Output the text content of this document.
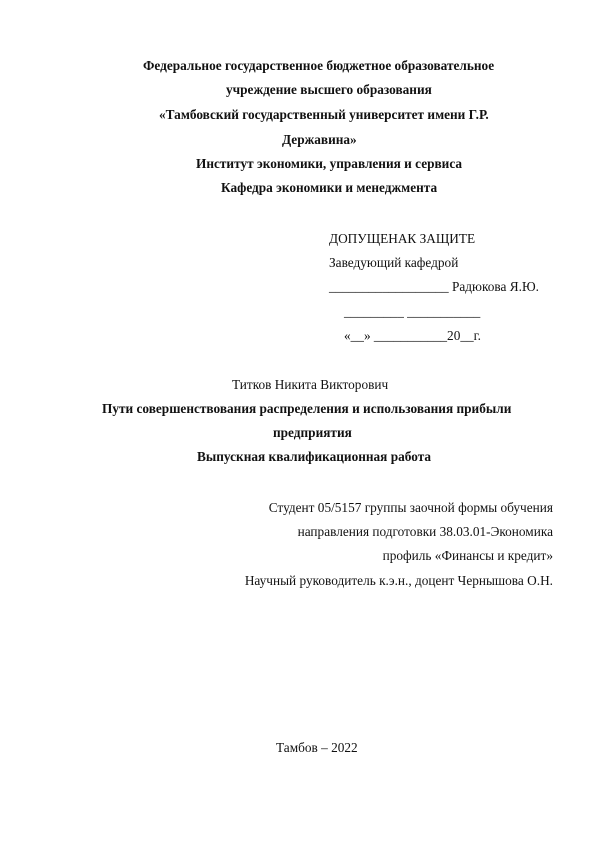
Федеральное государственное бюджетное образовательное
учреждение высшего образования
«Тамбовский государственный университет имени Г.Р.
Державина»
Институт экономики, управления и сервиса
Кафедра экономики и менеджмента
ДОПУЩЕНАК ЗАЩИТЕ
Заведующий кафедрой
__________________ Радюкова Я.Ю.
_________ ___________
«__» ___________20__г.
Титков Никита Викторович
Пути совершенствования распределения и использования прибыли
предприятия
Выпускная квалификационная работа
Студент 05/5157 группы заочной формы обучения
направления подготовки 38.03.01-Экономика
профиль «Финансы и кредит»
Научный руководитель к.э.н., доцент Чернышова О.Н.
Тамбов – 2022
